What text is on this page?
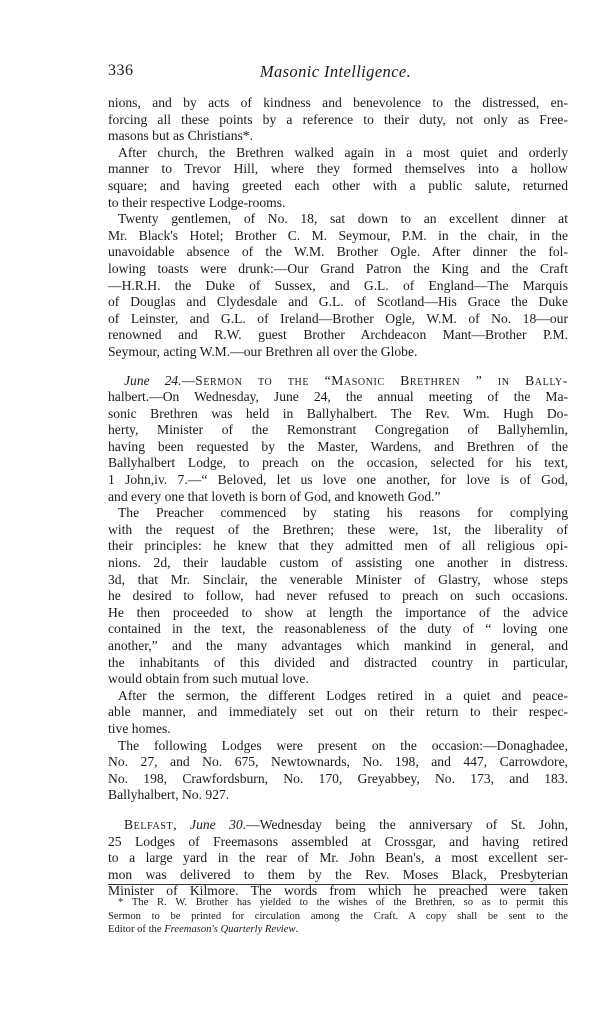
336	Masonic Intelligence.
nions, and by acts of kindness and benevolence to the distressed, en-
forcing all these points by a reference to their duty, not only as Free-
masons but as Christians*.
After church, the Brethren walked again in a most quiet and orderly
manner to Trevor Hill, where they formed themselves into a hollow
square; and having greeted each other with a public salute, returned
to their respective Lodge-rooms.
Twenty gentlemen, of No. 18, sat down to an excellent dinner at
Mr. Black's Hotel; Brother C. M. Seymour, P.M. in the chair, in the
unavoidable absence of the W.M. Brother Ogle. After dinner the fol-
lowing toasts were drunk:—Our Grand Patron the King and the Craft
—H.R.H. the Duke of Sussex, and G.L. of England—The Marquis
of Douglas and Clydesdale and G.L. of Scotland—His Grace the Duke
of Leinster, and G.L. of Ireland—Brother Ogle, W.M. of No. 18—our
renowned and R.W. guest Brother Archdeacon Mant—Brother P.M.
Seymour, acting W.M.—our Brethren all over the Globe.
June 24.—Sermon to the “Masonic Brethren ” in Bally-
halbert.—On Wednesday, June 24, the annual meeting of the Ma-
sonic Brethren was held in Ballyhalbert. The Rev. Wm. Hugh Do-
herty, Minister of the Remonstrant Congregation of Ballyhemlin,
having been requested by the Master, Wardens, and Brethren of the
Ballyhalbert Lodge, to preach on the occasion, selected for his text,
1 John,iv. 7.—“ Beloved, let us love one another, for love is of God,
and every one that loveth is born of God, and knoweth God.”
The Preacher commenced by stating his reasons for complying
with the request of the Brethren; these were, 1st, the liberality of
their principles: he knew that they admitted men of all religious opi-
nions. 2d, their laudable custom of assisting one another in distress.
3d, that Mr. Sinclair, the venerable Minister of Glastry, whose steps
he desired to follow, had never refused to preach on such occasions.
He then proceeded to show at length the importance of the advice
contained in the text, the reasonableness of the duty of “ loving one
another,” and the many advantages which mankind in general, and
the inhabitants of this divided and distracted country in particular,
would obtain from such mutual love.
After the sermon, the different Lodges retired in a quiet and peace-
able manner, and immediately set out on their return to their respec-
tive homes.
The following Lodges were present on the occasion:—Donaghadee,
No. 27, and No. 675, Newtownards, No. 198, and 447, Carrowdore,
No. 198, Crawfordsburn, No. 170, Greyabbey, No. 173, and 183.
Ballyhalbert, No. 927.
Belfast, June 30.—Wednesday being the anniversary of St. John,
25 Lodges of Freemasons assembled at Crossgar, and having retired
to a large yard in the rear of Mr. John Bean's, a most excellent ser-
mon was delivered to them by the Rev. Moses Black, Presbyterian
Minister of Kilmore. The words from which he preached were taken
* The R. W. Brother has yielded to the wishes of the Brethren, so as to permit this
Sermon to be printed for circulation among the Craft. A copy shall be sent to the
Editor of the Freemason's Quarterly Review.
